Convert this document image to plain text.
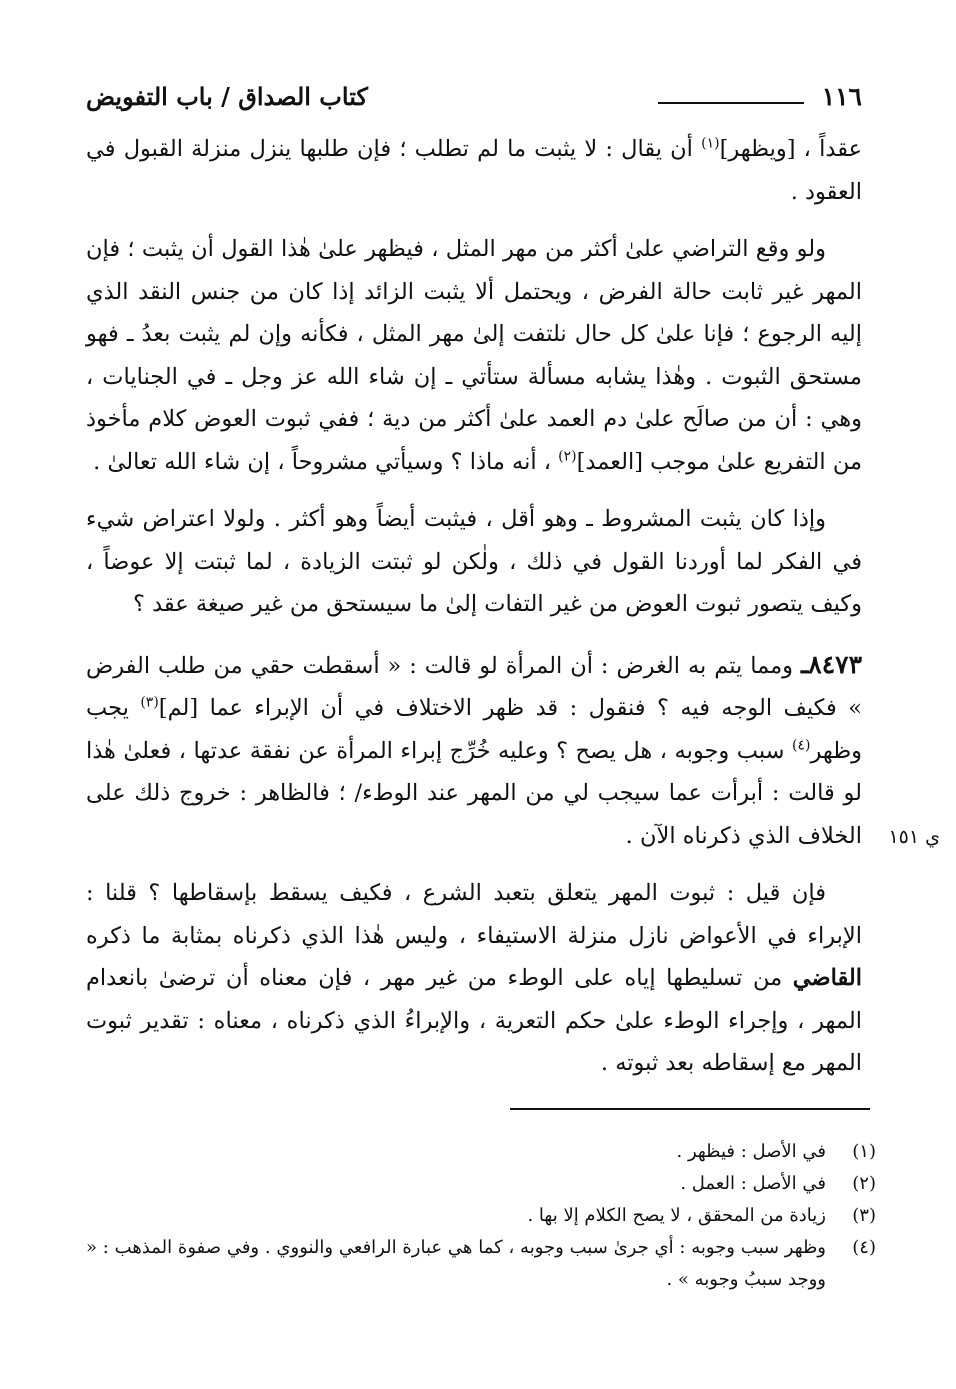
١١٦
كتاب الصداق / باب التفويض

عقداً ، [ويظهر]$^{(١)}$ أن يقال : لا يثبت ما لم تطلب ؛ فإن طلبها ينزل منزلة القبول في العقود .

ولو وقع التراضي علىٰ أكثر من مهر المثل ، فيظهر علىٰ هٰذا القول أن يثبت ؛ فإن المهر غير ثابت حالة الفرض ، ويحتمل ألا يثبت الزائد إذا كان من جنس النقد الذي إليه الرجوع ؛ فإنا علىٰ كل حال نلتفت إلىٰ مهر المثل ، فكأنه وإن لم يثبت بعدُ ـ فهو مستحق الثبوت . وهٰذا يشابه مسألة ستأتي ـ إن شاء الله عز وجل ـ في الجنايات ، وهي : أن من صالَح علىٰ دم العمد علىٰ أكثر من دية ؛ ففي ثبوت العوض كلام مأخوذ من التفريع علىٰ موجب [العمد]$^{(٢)}$ ، أنه ماذا ؟ وسيأتي مشروحاً ، إن شاء الله تعالىٰ .

وإذا كان يثبت المشروط ـ وهو أقل ، فيثبت أيضاً وهو أكثر . ولولا اعتراض شيء في الفكر لما أوردنا القول في ذلك ، ولٰكن لو ثبتت الزيادة ، لما ثبتت إلا عوضاً ، وكيف يتصور ثبوت العوض من غير التفات إلىٰ ما سيستحق من غير صيغة عقد ؟

٨٤٧٣ـ ومما يتم به الغرض : أن المرأة لو قالت : « أسقطت حقي من طلب الفرض » فكيف الوجه فيه ؟ فنقول : قد ظهر الاختلاف في أن الإبراء عما [لم]$^{(٣)}$ يجب وظهر$^{(٤)}$ سبب وجوبه ، هل يصح ؟ وعليه خُرِّج إبراء المرأة عن نفقة عدتها ، فعلىٰ هٰذا لو قالت : أبرأت عما سيجب لي من المهر عند الوطء/ ؛ فالظاهر : خروج ذلك على الخلاف الذي ذكرناه الآن .

فإن قيل : ثبوت المهر يتعلق بتعبد الشرع ، فكيف يسقط بإسقاطها ؟ قلنا : الإبراء في الأعواض نازل منزلة الاستيفاء ، وليس هٰذا الذي ذكرناه بمثابة ما ذكره القاضي من تسليطها إياه على الوطء من غير مهر ، فإن معناه أن ترضىٰ بانعدام المهر ، وإجراء الوطء علىٰ حكم التعرية ، والإبراءُ الذي ذكرناه ، معناه : تقدير ثبوت المهر مع إسقاطه بعد ثبوته .

ي ١٥١
(١)
في الأصل : فيظهر .
(٢)
في الأصل : العمل .
(٣)
زيادة من المحقق ، لا يصح الكلام إلا بها .
(٤)
وظهر سبب وجوبه : أي جرىٰ سبب وجوبه ، كما هي عبارة الرافعي والنووي . وفي صفوة المذهب : « ووجد سببُ وجوبه » .
